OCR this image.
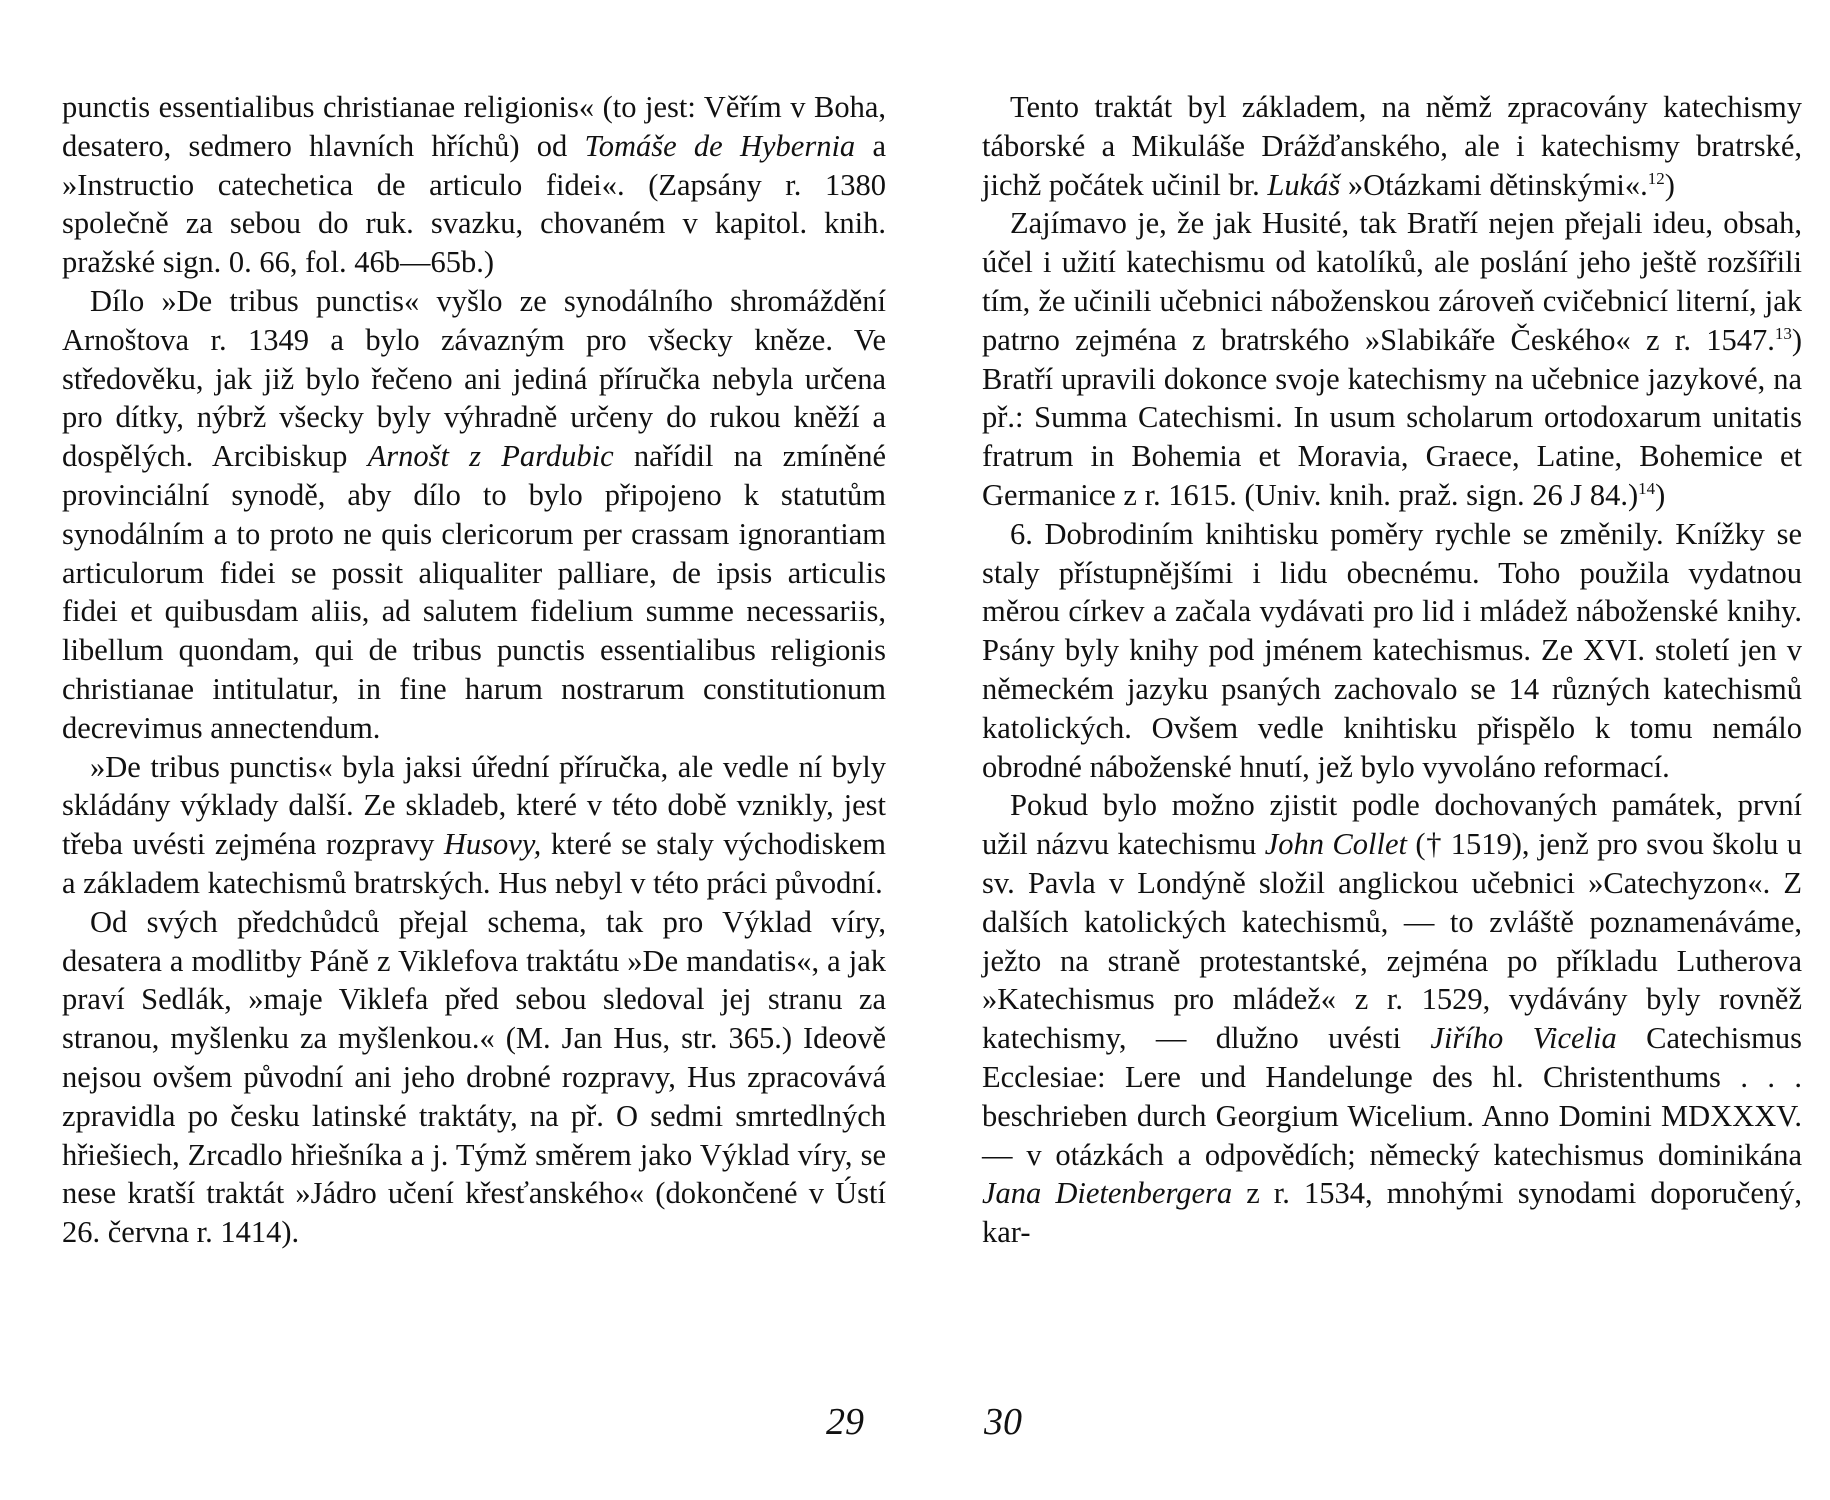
punctis essentialibus christianae religionis« (to jest: Věřím v Boha, desatero, sedmero hlavních hříchů) od Tomáše de Hybernia a »Instructio catechetica de articulo fidei«. (Zapsány r. 1380 společně za sebou do ruk. svazku, chovaném v kapitol. knih. pražské sign. 0. 66, fol. 46b—65b.)

Dílo »De tribus punctis« vyšlo ze synodálního shromáždění Arnoštova r. 1349 a bylo závazným pro všecky kněze. Ve středověku, jak již bylo řečeno ani jediná příručka nebyla určena pro dítky, nýbrž všecky byly výhradně určeny do rukou kněží a dospělých. Arcibiskup Arnošt z Pardubic nařídil na zmíněné provinciální synodě, aby dílo to bylo připojeno k statutům synodálním a to proto ne quis clericorum per crassam ignorantiam articulorum fidei se possit aliqualiter palliare, de ipsis articulis fidei et quibusdam aliis, ad salutem fidelium summe necessariis, libellum quondam, qui de tribus punctis essentialibus religionis christianae intitulatur, in fine harum nostrarum constitutionum decrevimus annectendum.

»De tribus punctis« byla jaksi úřední příručka, ale vedle ní byly skládány výklady další. Ze skladeb, které v této době vznikly, jest třeba uvésti zejména rozpravy Husovy, které se staly východiskem a základem katechismů bratrských. Hus nebyl v této práci původní.

Od svých předchůdců přejal schema, tak pro Výklad víry, desatera a modlitby Páně z Viklefova traktátu »De mandatis«, a jak praví Sedlák, »maje Viklefa před sebou sledoval jej stranu za stranou, myšlenku za myšlenkou.« (M. Jan Hus, str. 365.) Ideově nejsou ovšem původní ani jeho drobné rozpravy, Hus zpracovává zpravidla po česku latinské traktáty, na př. O sedmi smrtedlných hřiešiech, Zrcadlo hřiešníka a j. Týmž směrem jako Výklad víry, se nese kratší traktát »Jádro učení křesťanského« (dokončené v Ústí 26. června r. 1414).

Tento traktát byl základem, na němž zpracovány katechismy táborské a Mikuláše Drážďanského, ale i katechismy bratrské, jichž počátek učinil br. Lukáš »Otázkami dětinskými«.$^{12}$)

Zajímavo je, že jak Husité, tak Bratří nejen přejali ideu, obsah, účel i užití katechismu od katolíků, ale poslání jeho ještě rozšířili tím, že učinili učebnici náboženskou zároveň cvičebnicí literní, jak patrno zejména z bratrského »Slabikáře Českého« z r. 1547.13) Bratří upravili dokonce svoje katechismy na učebnice jazykové, na př.: Summa Catechismi. In usum scholarum ortodoxarum unitatis fratrum in Bohemia et Moravia, Graece, Latine, Bohemice et Germanice z r. 1615. (Univ. knih. praž. sign. 26 J 84.)$^{14}$)

6. Dobrodiním knihtisku poměry rychle se změnily. Knížky se staly přístupnějšími i lidu obecnému. Toho použila vydatnou měrou církev a začala vydávati pro lid i mládež náboženské knihy. Psány byly knihy pod jménem katechismus. Ze XVI. století jen v německém jazyku psaných zachovalo se 14 různých katechismů katolických. Ovšem vedle knihtisku přispělo k tomu nemálo obrodné náboženské hnutí, jež bylo vyvoláno reformací.

Pokud bylo možno zjistit podle dochovaných památek, první užil názvu katechismu John Collet († 1519), jenž pro svou školu u sv. Pavla v Londýně složil anglickou učebnici »Catechyzon«. Z dalších katolických katechismů, — to zvláště poznamenáváme, ježto na straně protestantské, zejména po příkladu Lutherova »Katechismus pro mládež« z r. 1529, vydávány byly rovněž katechismy, — dlužno uvésti Jiřího Vicelia Catechismus Ecclesiae: Lere und Handelunge des hl. Christenthums . . . beschrieben durch Georgium Wicelium. Anno Domini MDXXXV. — v otázkách a odpovědích; německý katechismus dominikána Jana Dietenbergera z r. 1534, mnohými synodami doporučený, kar-

29	30
